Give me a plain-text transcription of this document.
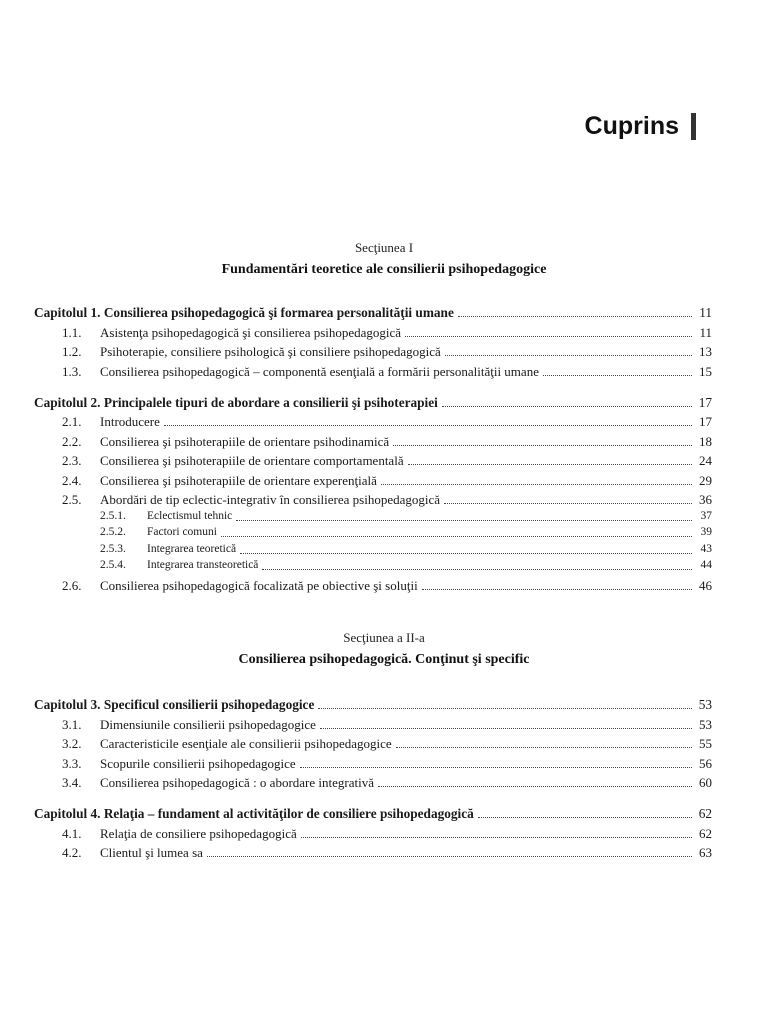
Cuprins
Secţiunea I
Fundamentări teoretice ale consilierii psihopedagogice
Capitolul 1. Consilierea psihopedagogică şi formarea personalităţii umane	11
1.1.	Asistenţa psihopedagogică şi consilierea psihopedagogică	11
1.2.	Psihoterapie, consiliere psihologică şi consiliere psihopedagogică	13
1.3.	Consilierea psihopedagogică – componentă esenţială a formării personalităţii umane	15
Capitolul 2. Principalele tipuri de abordare a consilierii şi psihoterapiei	17
2.1.	Introducere	17
2.2.	Consilierea şi psihoterapiile de orientare psihodinamică	18
2.3.	Consilierea şi psihoterapiile de orientare comportamentală	24
2.4.	Consilierea şi psihoterapiile de orientare experenţială	29
2.5.	Abordări de tip eclectic-integrativ în consilierea psihopedagogică	36
2.5.1.	Eclectismul tehnic	37
2.5.2.	Factori comuni	39
2.5.3.	Integrarea teoretică	43
2.5.4.	Integrarea transteoretică	44
2.6.	Consilierea psihopedagogică focalizată pe obiective şi soluţii	46
Secţiunea a II-a
Consilierea psihopedagogică. Conţinut şi specific
Capitolul 3. Specificul consilierii psihopedagogice	53
3.1.	Dimensiunile consilierii psihopedagogice	53
3.2.	Caracteristicile esenţiale ale consilierii psihopedagogice	55
3.3.	Scopurile consilierii psihopedagogice	56
3.4.	Consilierea psihopedagogică : o abordare integrativă	60
Capitolul 4. Relaţia – fundament al activităţilor de consiliere psihopedagogică	62
4.1.	Relaţia de consiliere psihopedagogică	62
4.2.	Clientul şi lumea sa	63
